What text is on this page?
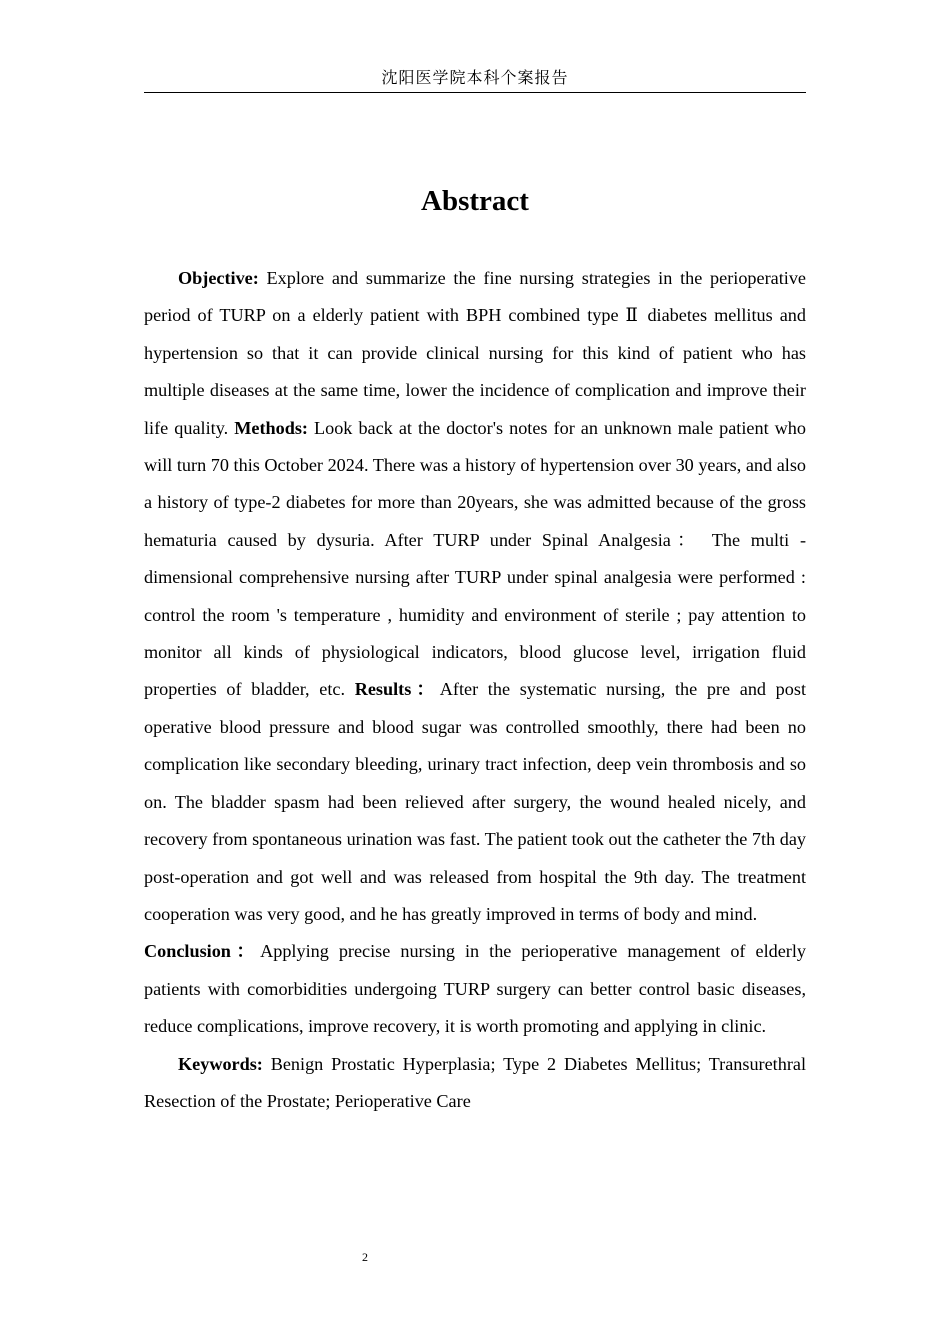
沈阳医学院本科个案报告
Abstract

Objective: Explore and summarize the fine nursing strategies in the perioperative period of TURP on a elderly patient with BPH combined type Ⅱ diabetes mellitus and hypertension so that it can provide clinical nursing for this kind of patient who has multiple diseases at the same time, lower the incidence of complication and improve their life quality. Methods: Look back at the doctor's notes for an unknown male patient who will turn 70 this October 2024. There was a history of hypertension over 30 years, and also a history of type-2 diabetes for more than 20years, she was admitted because of the gross hematuria caused by dysuria. After TURP under Spinal Analgesia： The multi -dimensional comprehensive nursing after TURP under spinal analgesia were performed : control the room 's temperature , humidity and environment of sterile ; pay attention to monitor all kinds of physiological indicators, blood glucose level, irrigation fluid properties of bladder, etc. Results：After the systematic nursing, the pre and post operative blood pressure and blood sugar was controlled smoothly, there had been no complication like secondary bleeding, urinary tract infection, deep vein thrombosis and so on. The bladder spasm had been relieved after surgery, the wound healed nicely, and recovery from spontaneous urination was fast. The patient took out the catheter the 7th day post-operation and got well and was released from hospital the 9th day. The treatment cooperation was very good, and he has greatly improved in terms of body and mind.
Conclusion：Applying precise nursing in the perioperative management of elderly patients with comorbidities undergoing TURP surgery can better control basic diseases, reduce complications, improve recovery, it is worth promoting and applying in clinic.

Keywords: Benign Prostatic Hyperplasia; Type 2 Diabetes Mellitus; Transurethral Resection of the Prostate; Perioperative Care

2
